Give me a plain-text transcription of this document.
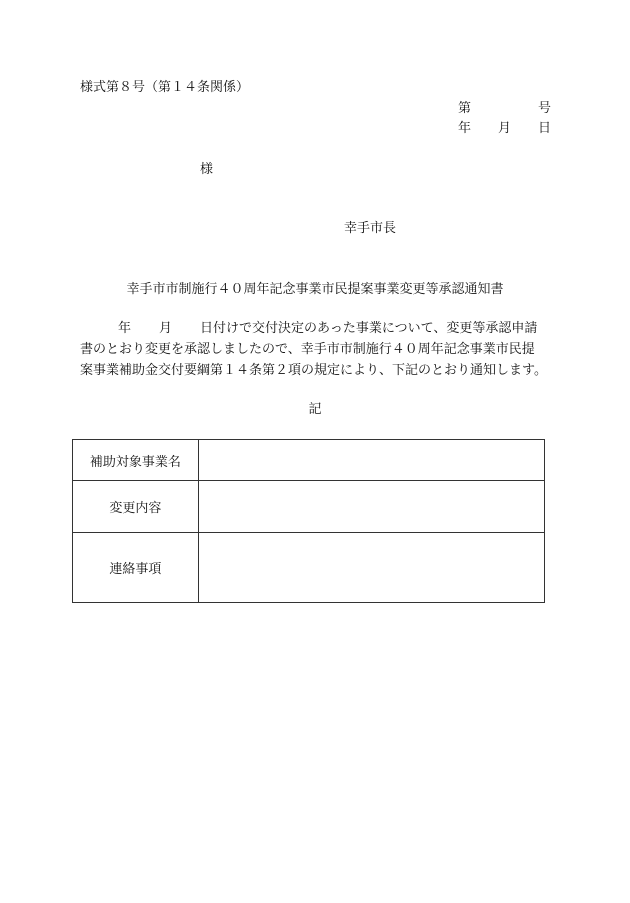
様式第８号（第１４条関係）
第	号
年 月 日
様
幸手市長
幸手市市制施行４０周年記念事業市民提案事業変更等承認通知書
年 月 日付けで交付決定のあった事業について、変更等承認申請
書のとおり変更を承認しましたので、幸手市市制施行４０周年記念事業市民提
案事業補助金交付要綱第１４条第２項の規定により、下記のとおり通知します。
記
補助対象事業名	
変更内容	
連絡事項	
